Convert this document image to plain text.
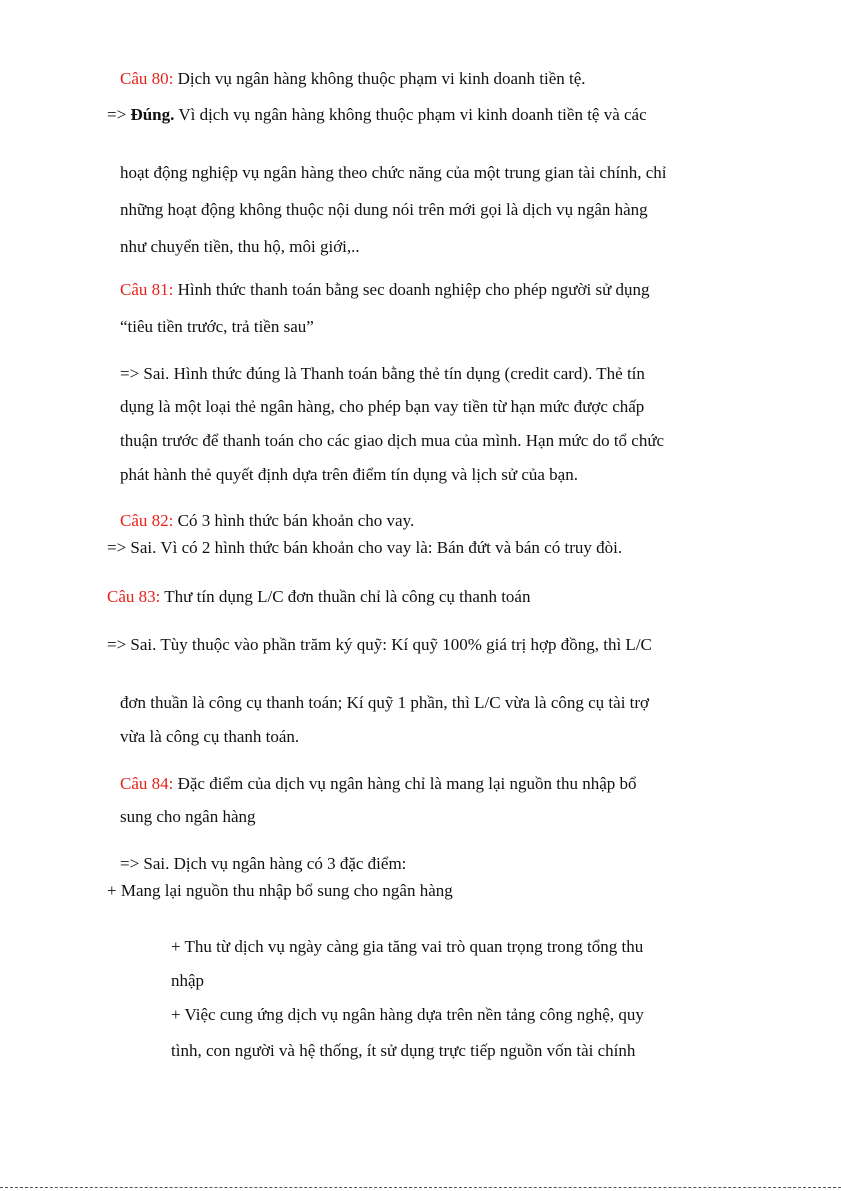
Câu 80: Dịch vụ ngân hàng không thuộc phạm vi kinh doanh tiền tệ.
=> Đúng. Vì dịch vụ ngân hàng không thuộc phạm vi kinh doanh tiền tệ và các
hoạt động nghiệp vụ ngân hàng theo chức năng của một trung gian tài chính, chỉ
những hoạt động không thuộc nội dung nói trên mới gọi là dịch vụ ngân hàng
như chuyển tiền, thu hộ, môi giới,..
Câu 81: Hình thức thanh toán bằng sec doanh nghiệp cho phép người sử dụng
“tiêu tiền trước, trả tiền sau”
=> Sai. Hình thức đúng là Thanh toán bằng thẻ tín dụng (credit card). Thẻ tín
dụng là một loại thẻ ngân hàng, cho phép bạn vay tiền từ hạn mức được chấp
thuận trước để thanh toán cho các giao dịch mua của mình. Hạn mức do tổ chức
phát hành thẻ quyết định dựa trên điểm tín dụng và lịch sử của bạn.
Câu 82: Có 3 hình thức bán khoản cho vay.
=> Sai. Vì có 2 hình thức bán khoản cho vay là: Bán đứt và bán có truy đòi.
Câu 83: Thư tín dụng L/C đơn thuần chỉ là công cụ thanh toán
=> Sai. Tùy thuộc vào phần trăm ký quỹ: Kí quỹ 100% giá trị hợp đồng, thì L/C
đơn thuần là công cụ thanh toán; Kí quỹ 1 phần, thì L/C vừa là công cụ tài trợ
vừa là công cụ thanh toán.
Câu 84: Đặc điểm của dịch vụ ngân hàng chỉ là mang lại nguồn thu nhập bổ
sung cho ngân hàng
=> Sai. Dịch vụ ngân hàng có 3 đặc điểm:
+ Mang lại nguồn thu nhập bổ sung cho ngân hàng
+ Thu từ dịch vụ ngày càng gia tăng vai trò quan trọng trong tổng thu
nhập
+ Việc cung ứng dịch vụ ngân hàng dựa trên nền tảng công nghệ, quy
tình, con người và hệ thống, ít sử dụng trực tiếp nguồn vốn tài chính
